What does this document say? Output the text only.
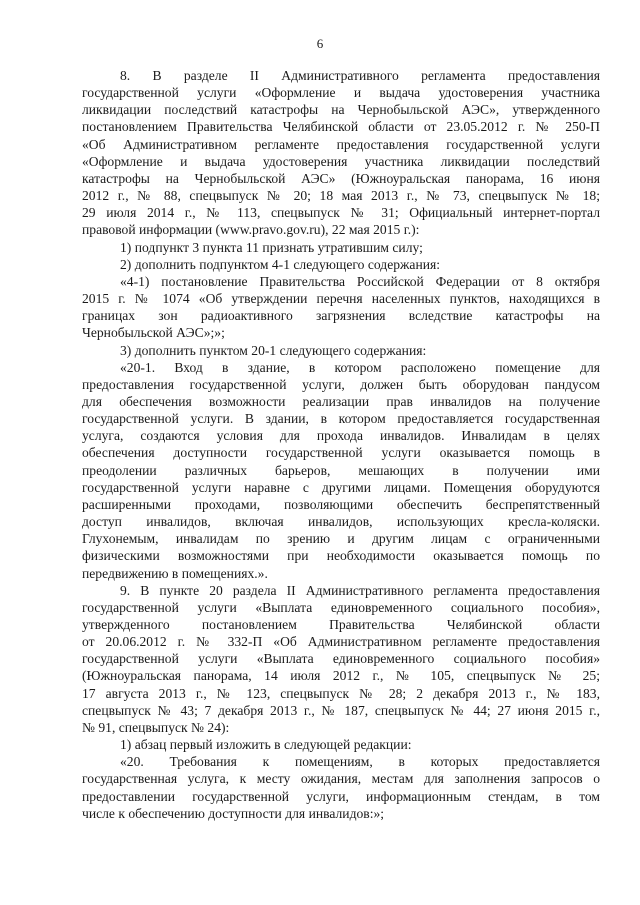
6
8. В разделе II Административного регламента предоставления
государственной услуги «Оформление и выдача удостоверения участника
ликвидации последствий катастрофы на Чернобыльской АЭС», утвержденного
постановлением Правительства Челябинской области от 23.05.2012 г. № 250-П
«Об Административном регламенте предоставления государственной услуги
«Оформление и выдача удостоверения участника ликвидации последствий
катастрофы на Чернобыльской АЭС» (Южноуральская панорама, 16 июня
2012 г., № 88, спецвыпуск № 20; 18 мая 2013 г., № 73, спецвыпуск № 18;
29 июля 2014 г., № 113, спецвыпуск № 31; Официальный интернет-портал
правовой информации (www.pravo.gov.ru), 22 мая 2015 г.):
1) подпункт 3 пункта 11 признать утратившим силу;
2) дополнить подпунктом 4-1 следующего содержания:
«4-1) постановление Правительства Российской Федерации от 8 октября
2015 г. № 1074 «Об утверждении перечня населенных пунктов, находящихся в
границах зон радиоактивного загрязнения вследствие катастрофы на
Чернобыльской АЭС»;»;
3) дополнить пунктом 20-1 следующего содержания:
«20-1. Вход в здание, в котором расположено помещение для
предоставления государственной услуги, должен быть оборудован пандусом
для обеспечения возможности реализации прав инвалидов на получение
государственной услуги. В здании, в котором предоставляется государственная
услуга, создаются условия для прохода инвалидов. Инвалидам в целях
обеспечения доступности государственной услуги оказывается помощь в
преодолении различных барьеров, мешающих в получении ими
государственной услуги наравне с другими лицами. Помещения оборудуются
расширенными проходами, позволяющими обеспечить беспрепятственный
доступ инвалидов, включая инвалидов, использующих кресла-коляски.
Глухонемым, инвалидам по зрению и другим лицам с ограниченными
физическими возможностями при необходимости оказывается помощь по
передвижению в помещениях.».
9. В пункте 20 раздела II Административного регламента предоставления
государственной услуги «Выплата единовременного социального пособия»,
утвержденного постановлением Правительства Челябинской области
от 20.06.2012 г. № 332-П «Об Административном регламенте предоставления
государственной услуги «Выплата единовременного социального пособия»
(Южноуральская панорама, 14 июля 2012 г., № 105, спецвыпуск № 25;
17 августа 2013 г., № 123, спецвыпуск № 28; 2 декабря 2013 г., № 183,
спецвыпуск № 43; 7 декабря 2013 г., № 187, спецвыпуск № 44; 27 июня 2015 г.,
№ 91, спецвыпуск № 24):
1) абзац первый изложить в следующей редакции:
«20. Требования к помещениям, в которых предоставляется
государственная услуга, к месту ожидания, местам для заполнения запросов о
предоставлении государственной услуги, информационным стендам, в том
числе к обеспечению доступности для инвалидов:»;
